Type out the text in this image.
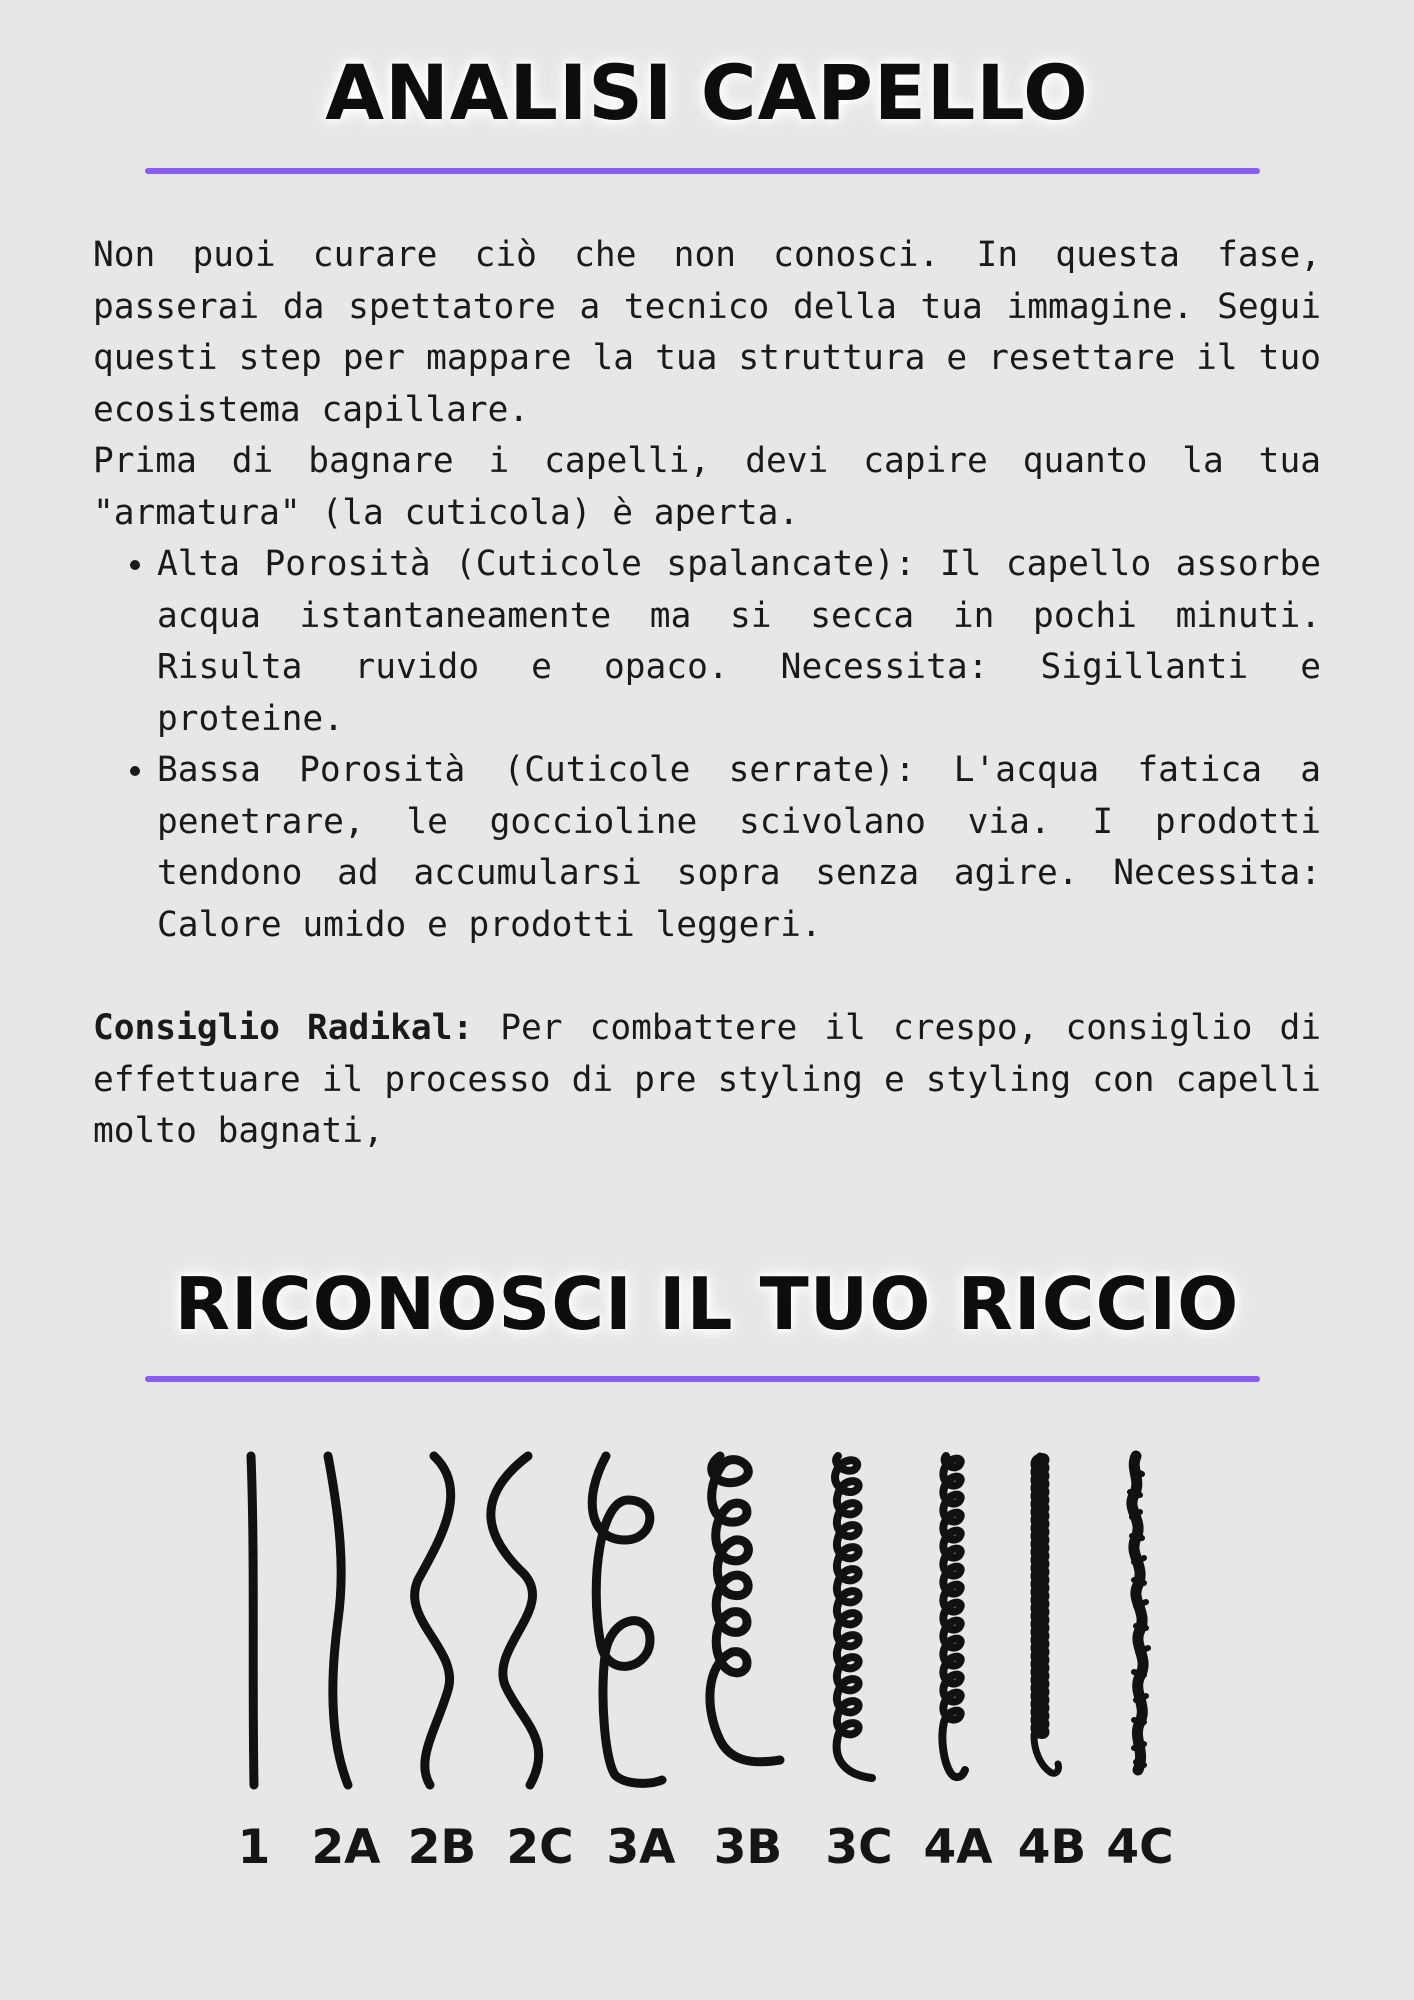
ANALISI CAPELLO

Non puoi curare ciò che non conosci. In questa fase, passerai da spettatore a tecnico della tua immagine. Segui questi step per mappare la tua struttura e resettare il tuo ecosistema capillare.

Prima di bagnare i capelli, devi capire quanto la tua "armatura" (la cuticola) è aperta.

• Alta Porosità (Cuticole spalancate): Il capello assorbe acqua istantaneamente ma si secca in pochi minuti. Risulta ruvido e opaco. Necessita: Sigillanti e proteine.
• Bassa Porosità (Cuticole serrate): L'acqua fatica a penetrare, le goccioline scivolano via. I prodotti tendono ad accumularsi sopra senza agire. Necessita: Calore umido e prodotti leggeri.

Consiglio Radikal: Per combattere il crespo, consiglio di effettuare il processo di pre styling e styling con capelli molto bagnati,

RICONOSCI IL TUO RICCIO
1 2A 2B 2C 3A 3B 3C 4A 4B 4C
